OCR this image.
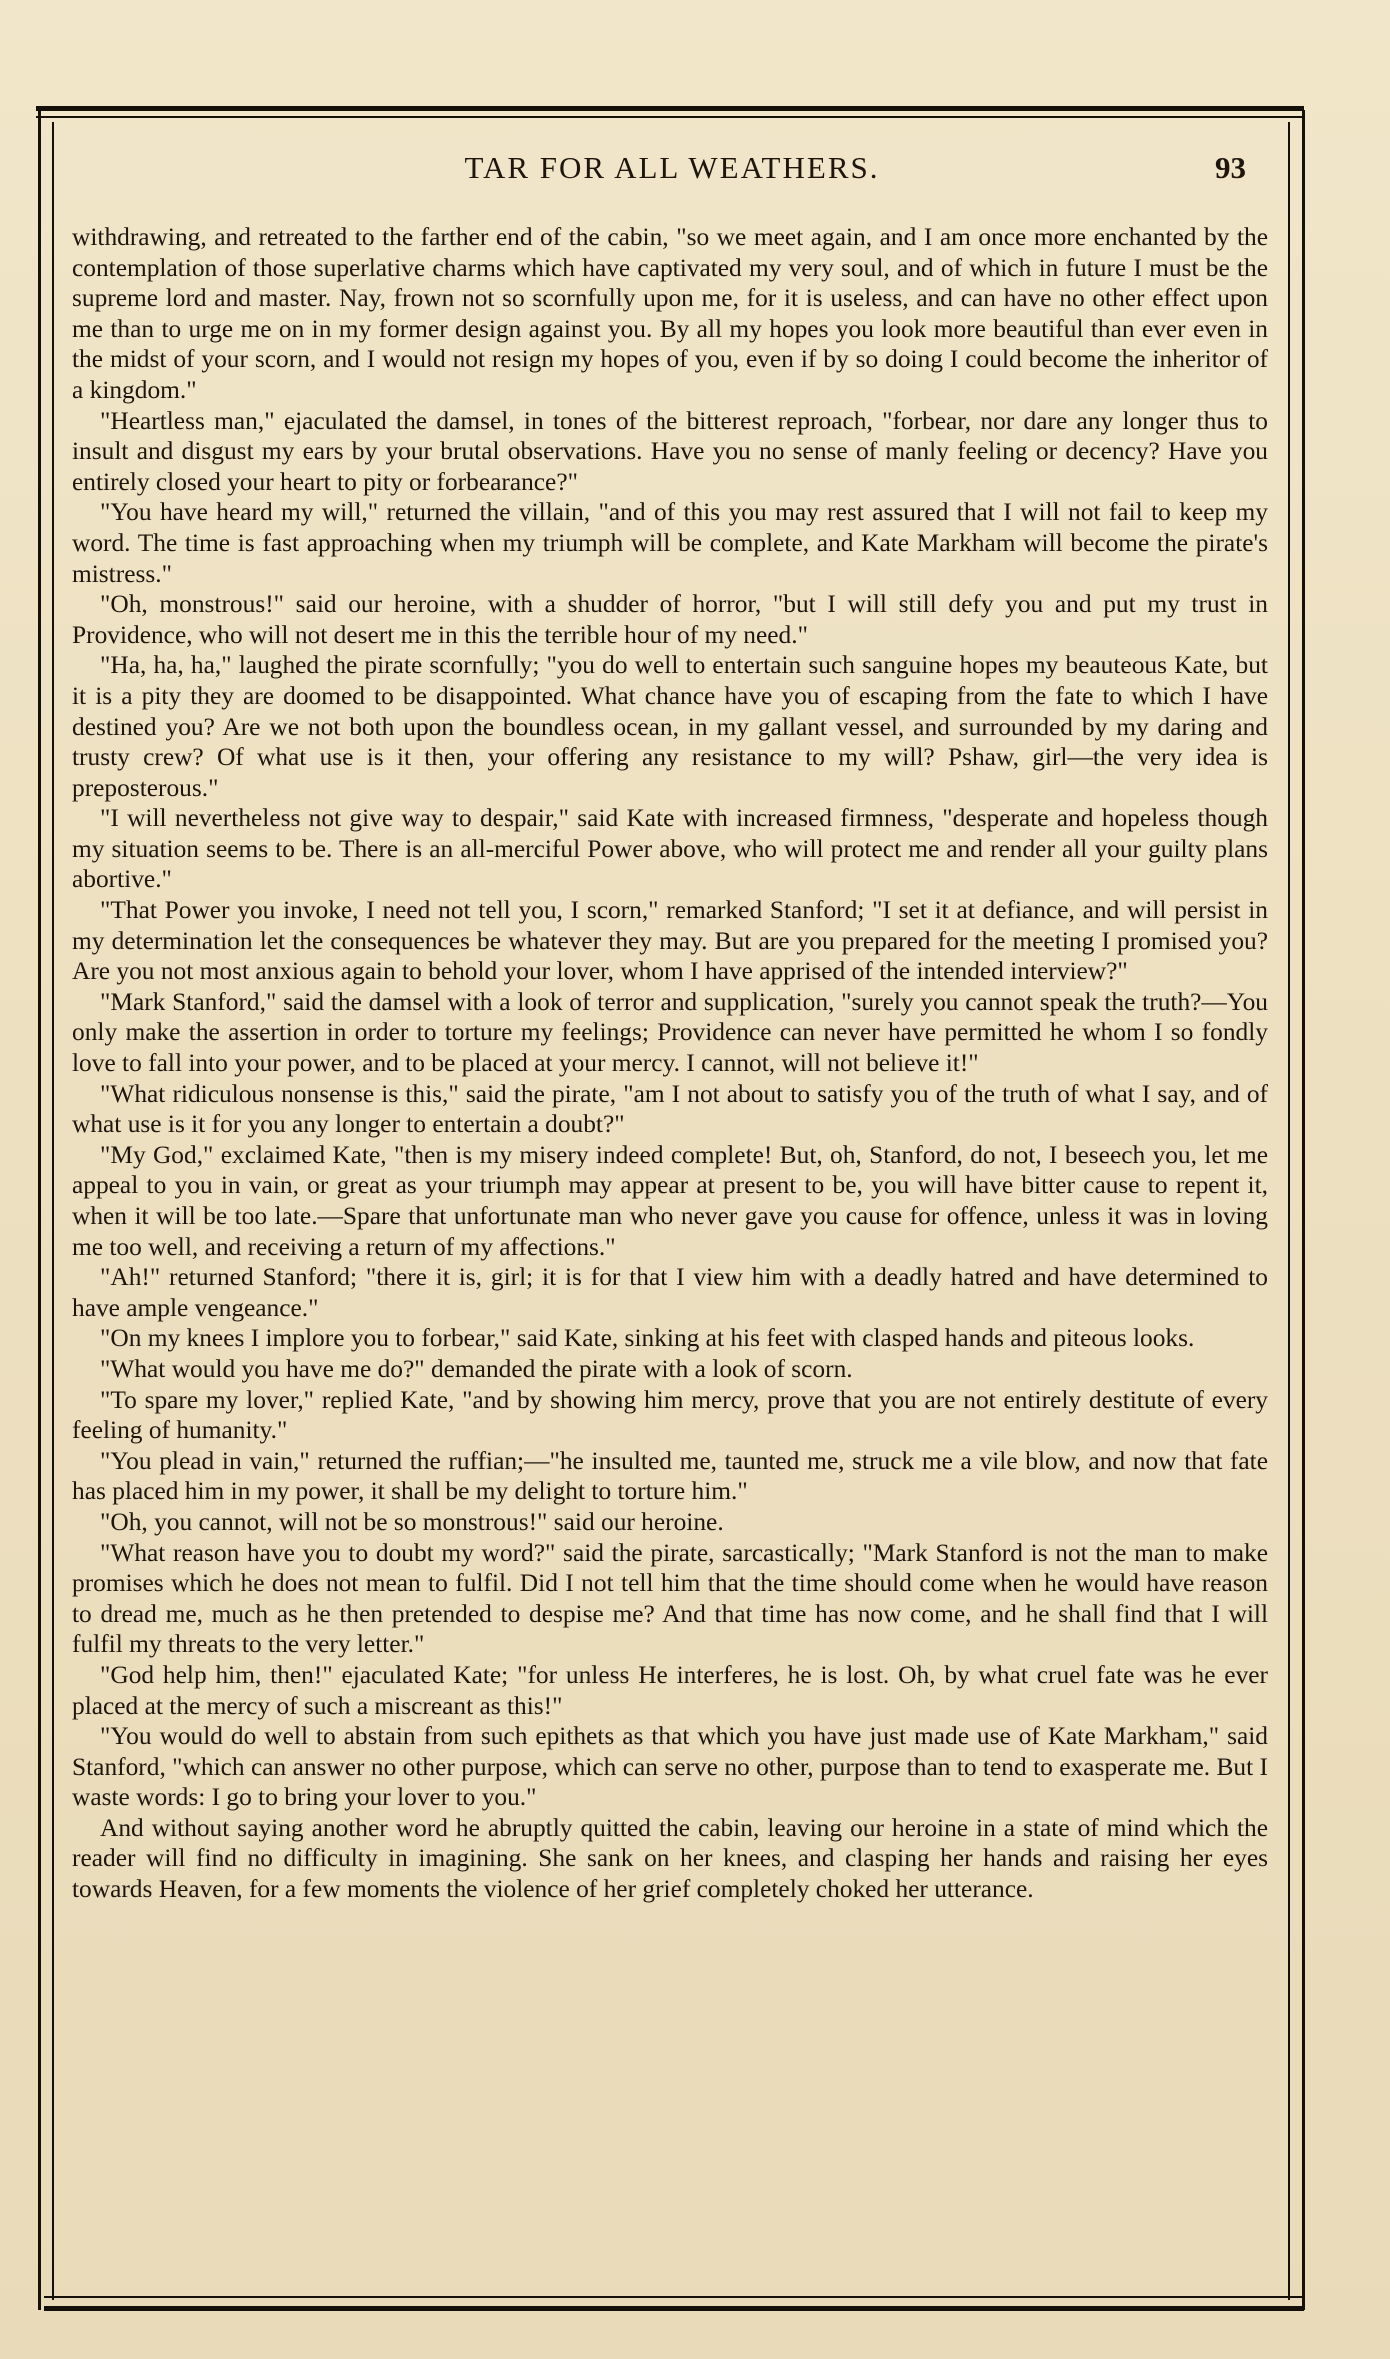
TAR FOR ALL WEATHERS.	93

withdrawing, and retreated to the farther end of the cabin, "so we meet again, and I am once more enchanted by the contemplation of those superlative charms which have captivated my very soul, and of which in future I must be the supreme lord and master. Nay, frown not so scornfully upon me, for it is useless, and can have no other effect upon me than to urge me on in my former design against you. By all my hopes you look more beautiful than ever even in the midst of your scorn, and I would not resign my hopes of you, even if by so doing I could become the inheritor of a kingdom."

"Heartless man," ejaculated the damsel, in tones of the bitterest reproach, "forbear, nor dare any longer thus to insult and disgust my ears by your brutal observations. Have you no sense of manly feeling or decency? Have you entirely closed your heart to pity or forbearance?"

"You have heard my will," returned the villain, "and of this you may rest assured that I will not fail to keep my word. The time is fast approaching when my triumph will be complete, and Kate Markham will become the pirate's mistress."

"Oh, monstrous!" said our heroine, with a shudder of horror, "but I will still defy you and put my trust in Providence, who will not desert me in this the terrible hour of my need."

"Ha, ha, ha," laughed the pirate scornfully; "you do well to entertain such sanguine hopes my beauteous Kate, but it is a pity they are doomed to be disappointed. What chance have you of escaping from the fate to which I have destined you? Are we not both upon the boundless ocean, in my gallant vessel, and surrounded by my daring and trusty crew? Of what use is it then, your offering any resistance to my will? Pshaw, girl—the very idea is preposterous."

"I will nevertheless not give way to despair," said Kate with increased firmness, "desperate and hopeless though my situation seems to be. There is an all-merciful Power above, who will protect me and render all your guilty plans abortive."

"That Power you invoke, I need not tell you, I scorn," remarked Stanford; "I set it at defiance, and will persist in my determination let the consequences be whatever they may. But are you prepared for the meeting I promised you? Are you not most anxious again to behold your lover, whom I have apprised of the intended interview?"

"Mark Stanford," said the damsel with a look of terror and supplication, "surely you cannot speak the truth?—You only make the assertion in order to torture my feelings; Providence can never have permitted he whom I so fondly love to fall into your power, and to be placed at your mercy. I cannot, will not believe it!"

"What ridiculous nonsense is this," said the pirate, "am I not about to satisfy you of the truth of what I say, and of what use is it for you any longer to entertain a doubt?"

"My God," exclaimed Kate, "then is my misery indeed complete! But, oh, Stanford, do not, I beseech you, let me appeal to you in vain, or great as your triumph may appear at present to be, you will have bitter cause to repent it, when it will be too late.—Spare that unfortunate man who never gave you cause for offence, unless it was in loving me too well, and receiving a return of my affections."

"Ah!" returned Stanford; "there it is, girl; it is for that I view him with a deadly hatred and have determined to have ample vengeance."

"On my knees I implore you to forbear," said Kate, sinking at his feet with clasped hands and piteous looks.

"What would you have me do?" demanded the pirate with a look of scorn.

"To spare my lover," replied Kate, "and by showing him mercy, prove that you are not entirely destitute of every feeling of humanity."

"You plead in vain," returned the ruffian;—"he insulted me, taunted me, struck me a vile blow, and now that fate has placed him in my power, it shall be my delight to torture him."

"Oh, you cannot, will not be so monstrous!" said our heroine.

"What reason have you to doubt my word?" said the pirate, sarcastically; "Mark Stanford is not the man to make promises which he does not mean to fulfil. Did I not tell him that the time should come when he would have reason to dread me, much as he then pretended to despise me? And that time has now come, and he shall find that I will fulfil my threats to the very letter."

"God help him, then!" ejaculated Kate; "for unless He interferes, he is lost. Oh, by what cruel fate was he ever placed at the mercy of such a miscreant as this!"

"You would do well to abstain from such epithets as that which you have just made use of Kate Markham," said Stanford, "which can answer no other purpose, which can serve no other, purpose than to tend to exasperate me. But I waste words: I go to bring your lover to you."

And without saying another word he abruptly quitted the cabin, leaving our heroine in a state of mind which the reader will find no difficulty in imagining. She sank on her knees, and clasping her hands and raising her eyes towards Heaven, for a few moments the violence of her grief completely choked her utterance.
